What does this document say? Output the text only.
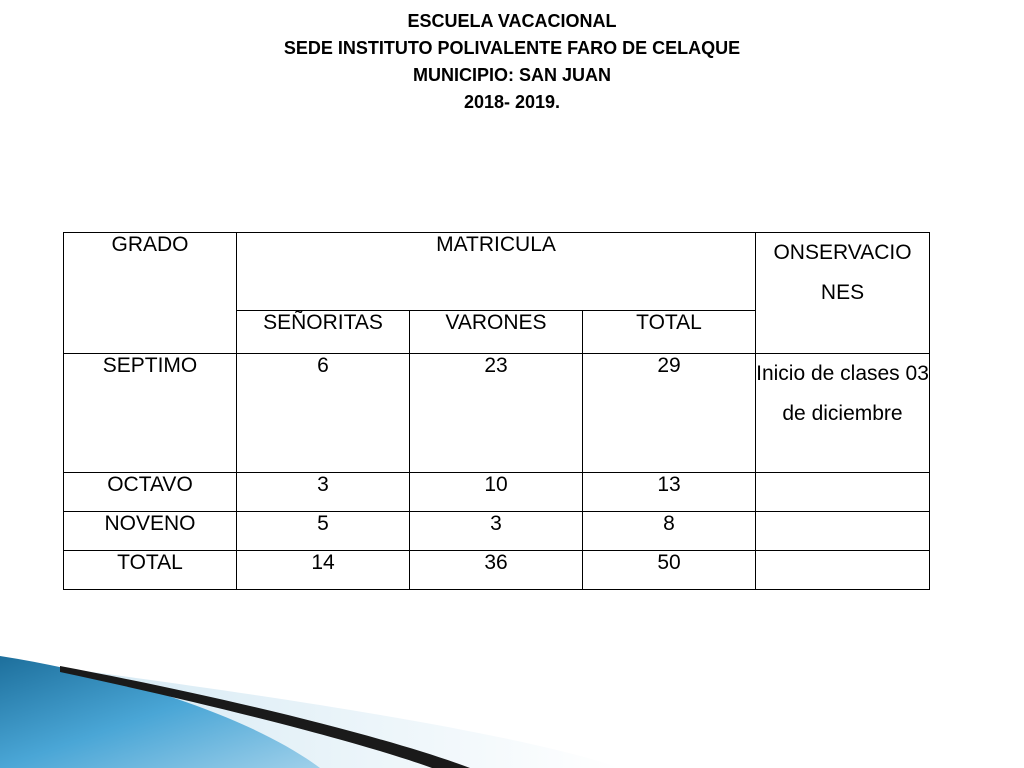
ESCUELA VACACIONAL
SEDE INSTITUTO POLIVALENTE FARO DE CELAQUE
MUNICIPIO: SAN JUAN
2018- 2019.
GRADO	MATRICULA			ONSERVACIO NES
	SEÑORITAS	VARONES	TOTAL	
SEPTIMO	6	23	29	Inicio de clases 03 de diciembre
OCTAVO	3	10	13	
NOVENO	5	3	8	
TOTAL	14	36	50	
